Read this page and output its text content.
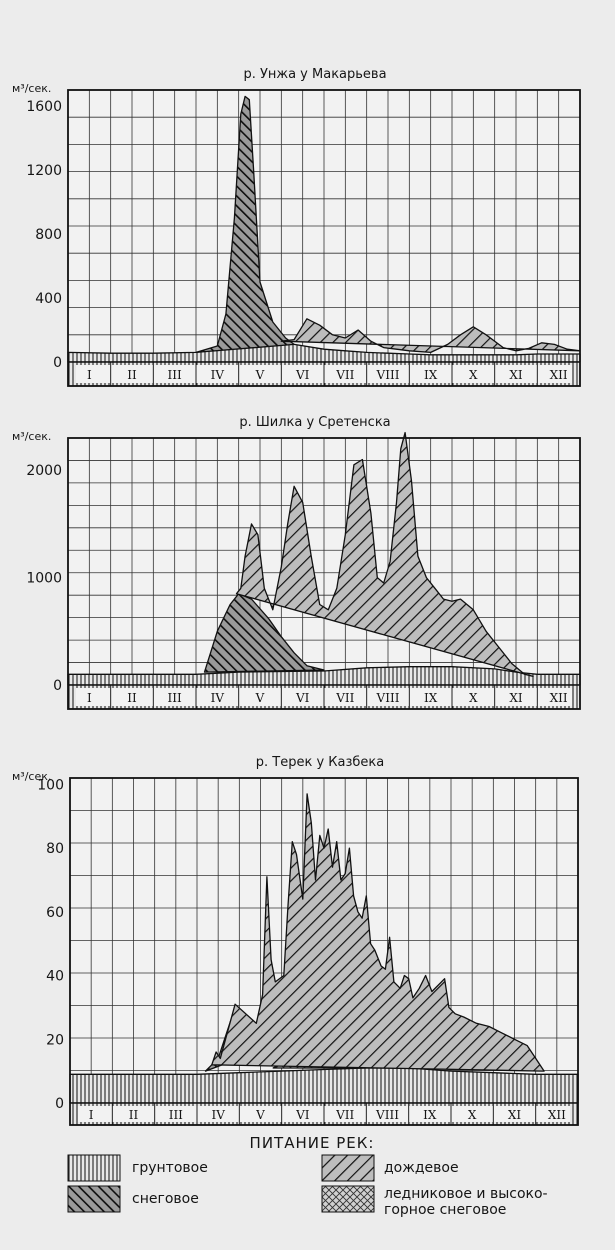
р. Унжа у Макарьева
м³/сек.
I	II	III IV	V	VI VII VIII IX	X	XI XII
0
400
800
1200
1600
р. Шилка у Сретенска
м³/сек.
I	II	III IV	V	VI VII VIII IX	X	XI XII
0
1000
2000
р. Терек у Казбека
м³/сек.
I	II	III IV	V	VI VII VIII IX	X	XI XII
0
20
40
60
80
100
ПИТАНИЕ РЕК:
грунтовое	дождевое
снеговое	ледниковое и высоко- горное снеговое
